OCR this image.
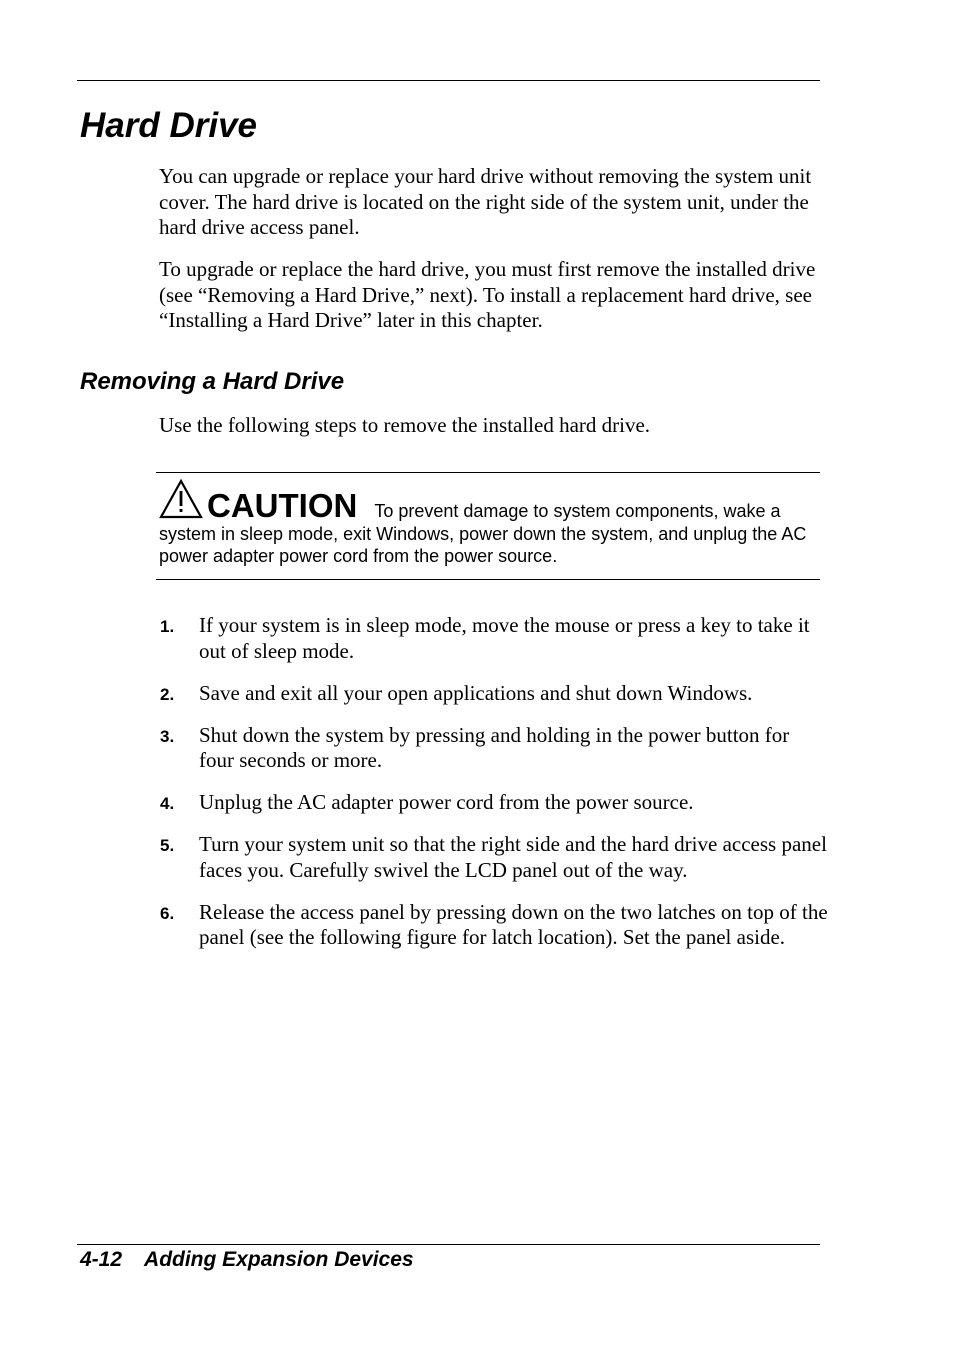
Hard Drive

You can upgrade or replace your hard drive without removing the system unit cover. The hard drive is located on the right side of the system unit, under the hard drive access panel.

To upgrade or replace the hard drive, you must first remove the installed drive (see “Removing a Hard Drive,” next). To install a replacement hard drive, see “Installing a Hard Drive” later in this chapter.

Removing a Hard Drive

Use the following steps to remove the installed hard drive.

CAUTION To prevent damage to system components, wake a system in sleep mode, exit Windows, power down the system, and unplug the AC power adapter power cord from the power source.

1. If your system is in sleep mode, move the mouse or press a key to take it out of sleep mode.
2. Save and exit all your open applications and shut down Windows.
3. Shut down the system by pressing and holding in the power button for four seconds or more.
4. Unplug the AC adapter power cord from the power source.
5. Turn your system unit so that the right side and the hard drive access panel faces you. Carefully swivel the LCD panel out of the way.
6. Release the access panel by pressing down on the two latches on top of the panel (see the following figure for latch location). Set the panel aside.

4-12 Adding Expansion Devices
